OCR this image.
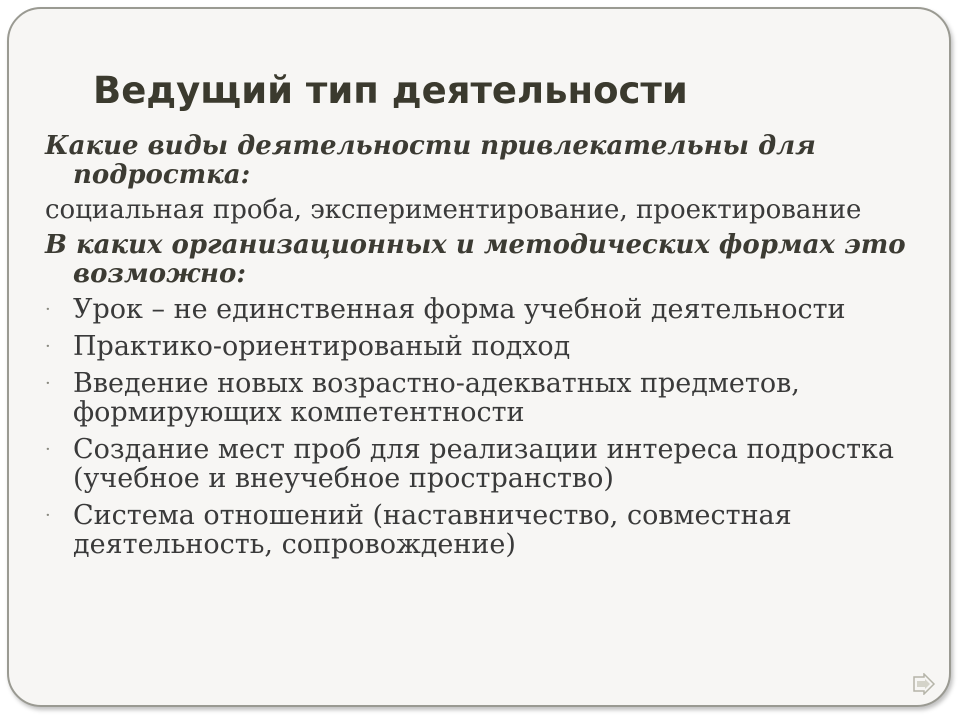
Ведущий тип деятельности

Какие виды деятельности привлекательны для подростка:

социальная проба, экспериментирование, проектирование

В каких организационных и методических формах это возможно:

· Урок – не единственная форма учебной деятельности
· Практико-ориентированый подход
· Введение новых возрастно-адекватных предметов, формирующих компетентности
· Создание мест проб для реализации интереса подростка (учебное и внеучебное пространство)
· Система отношений (наставничество, совместная деятельность, сопровождение)
